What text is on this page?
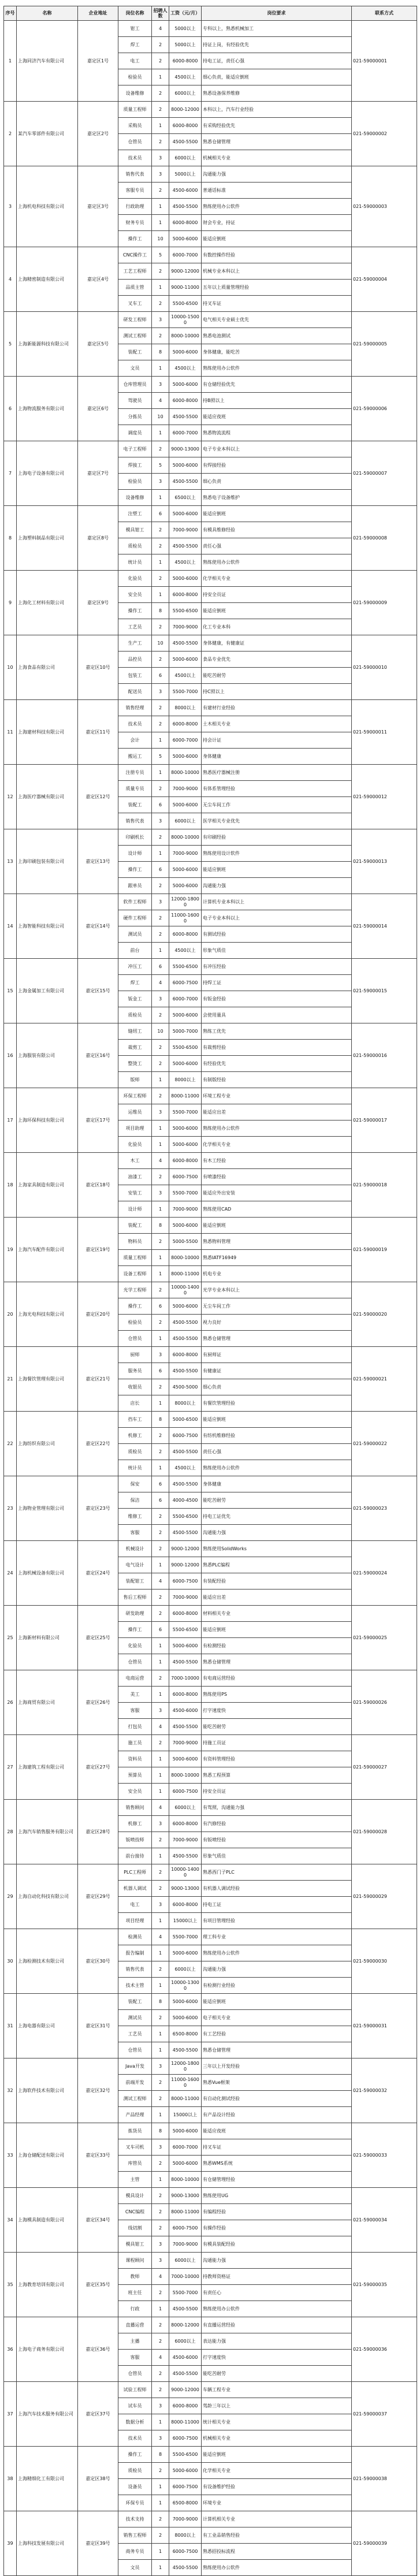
序号	名称	企业地址	岗位名称	招聘人数	工资（元/月）	岗位要求	联系方式
1	上海同济汽车有限公司	嘉定区1号	钳工	4	5000以上	专科以上，熟悉机械加工	021-59000001
			焊工	2	5000以上	持证上岗，有经验优先	
			电工	2	6000-8000	持电工证，责任心强	
			检验员	1	4500以上	细心负责，能适应倒班	
			设备维修	2	6000以上	熟悉设备保养维修	
2	某汽车零部件有限公司	嘉定区2号	质量工程师	2	8000-12000	本科以上，汽车行业经验	021-59000002
			采购员	1	6000-8000	有采购经验优先	
			仓管员	2	4500-5500	熟悉仓储管理	
			技术员	3	6000以上	机械相关专业	
3	上海机电科技有限公司	嘉定区3号	销售代表	3	5000以上	沟通能力强	021-59000003
			客服专员	2	4500-6000	普通话标准	
			行政助理	1	4500-5500	熟练使用办公软件	
			财务专员	1	6000-8000	财会专业，持证	
			操作工	10	5000-6000	能适应倒班	
4	上海精密制造有限公司	嘉定区4号	CNC操作工	5	6000-7000	有数控操作经验	021-59000004
			工艺工程师	2	9000-12000	机械专业本科以上	
			品质主管	1	9000-11000	五年以上质量管理经验	
			叉车工	2	5500-6500	持叉车证	
5	上海新能源科技有限公司	嘉定区5号	研发工程师	3	10000-15000	电气相关专业硕士优先	021-59000005
			测试工程师	2	8000-10000	熟悉电池测试	
			装配工	8	5000-6000	身体健康，能吃苦	
			文员	1	4500以上	熟练使用办公软件	
6	上海物流服务有限公司	嘉定区6号	仓库管理员	3	5000-6000	有仓储经验优先	021-59000006
			驾驶员	4	6000-8000	持B照以上	
			分拣员	10	4500-5500	能适应夜班	
			调度员	1	6000-7000	熟悉物流流程	
7	上海电子设备有限公司	嘉定区7号	电子工程师	2	9000-13000	电子专业本科以上	021-59000007
			焊接工	5	5000-6000	有焊接经验	
			检验员	3	4500-5500	细心负责	
			设备维修	1	6500以上	熟悉电子设备维护	
8	上海塑料制品有限公司	嘉定区8号	注塑工	6	5000-6000	能适应倒班	021-59000008
			模具钳工	2	7000-9000	有模具维修经验	
			质检员	2	4500-5500	责任心强	
			统计员	1	4500以上	熟练使用办公软件	
9	上海化工材料有限公司	嘉定区9号	化验员	2	5000-6000	化学相关专业	021-59000009
			安全员	1	6000-8000	持安全员证	
			操作工	8	5500-6500	能适应倒班	
			工艺员	2	7000-9000	化工专业本科	
10	上海食品有限公司	嘉定区10号	生产工	10	4500-5500	身体健康，有健康证	021-59000010
			品控员	2	5000-6000	食品专业优先	
			包装工	6	4500以上	能吃苦耐劳	
			配送员	3	5500-7000	持C照以上	
11	上海建材科技有限公司	嘉定区11号	销售经理	2	8000以上	有建材行业经验	021-59000011
			技术员	2	6000-8000	土木相关专业	
			会计	1	6000-7000	持会计证	
			搬运工	5	5000-6000	身体健康	
12	上海医疗器械有限公司	嘉定区12号	注册专员	1	8000-10000	熟悉医疗器械注册	021-59000012
			质量专员	2	7000-9000	有体系管理经验	
			装配工	6	5000-6000	无尘车间工作	
			销售代表	3	6000以上	医学相关专业优先	
13	上海印刷包装有限公司	嘉定区13号	印刷机长	2	8000-10000	有印刷经验	021-59000013
			设计师	1	7000-9000	熟练使用设计软件	
			操作工	6	5000-6000	能适应倒班	
			跟单员	2	5000-6000	沟通能力强	
14	上海智能科技有限公司	嘉定区14号	软件工程师	3	12000-18000	计算机专业本科以上	021-59000014
			硬件工程师	2	11000-16000	电子专业本科以上	
			测试员	2	6000-8000	有测试经验	
			前台	1	4500以上	形象气质佳	
15	上海金属加工有限公司	嘉定区15号	冲压工	6	5500-6500	有冲压经验	021-59000015
			焊工	4	6000-7500	持焊工证	
			钣金工	3	6000-7000	有钣金经验	
			质检员	2	5000-6000	会使用量具	
16	上海服装有限公司	嘉定区16号	缝纫工	10	5000-7000	熟练工优先	021-59000016
			裁剪工	2	5500-6500	有裁剪经验	
			整烫工	2	5000-6000	有经验优先	
			版师	1	8000以上	有制版经验	
17	上海环保科技有限公司	嘉定区17号	环保工程师	2	8000-11000	环境工程专业	021-59000017
			运维员	3	5500-7000	能适应出差	
			项目助理	1	5000-6000	熟练使用办公软件	
			化验员	1	5000-6000	化学相关专业	
18	上海家具制造有限公司	嘉定区18号	木工	4	6000-8000	有木工经验	021-59000018
			油漆工	2	6000-7500	有喷漆经验	
			安装工	3	5500-7000	能适应外出安装	
			设计师	1	7000-9000	熟练使用CAD	
19	上海汽车配件有限公司	嘉定区19号	装配工	8	5000-6000	能适应倒班	021-59000019
			物料员	2	5000-5500	熟悉物料管理	
			质量工程师	1	8000-10000	熟悉IATF16949	
			设备工程师	1	8000-11000	机电专业	
20	上海光电科技有限公司	嘉定区20号	光学工程师	2	10000-14000	光学专业本科以上	021-59000020
			操作工	6	5000-6000	无尘车间工作	
			检验员	2	4500-5500	视力良好	
			仓管员	1	4500-5500	熟悉仓储管理	
21	上海餐饮管理有限公司	嘉定区21号	厨师	3	6000-8000	有厨师证	021-59000021
			服务员	6	4500-5500	有健康证	
			收银员	2	4500-5000	细心负责	
			店长	1	8000以上	有餐饮管理经验	
22	上海纺织有限公司	嘉定区22号	挡车工	8	5000-6500	能适应倒班	021-59000022
			机修工	2	6000-7500	有纺机维修经验	
			质检员	2	4500-5500	责任心强	
			统计员	1	4500以上	熟练使用办公软件	
23	上海物业管理有限公司	嘉定区23号	保安	6	4500-5500	身体健康	021-59000023
			保洁	6	4000-4500	能吃苦耐劳	
			维修工	2	5500-6500	持电工证优先	
			客服	2	4500-5500	沟通能力强	
24	上海机械设备有限公司	嘉定区24号	机械设计	2	9000-12000	熟练使用SolidWorks	021-59000024
			电气设计	1	9000-12000	熟悉PLC编程	
			装配钳工	4	6000-7500	有装配经验	
			售后工程师	2	7000-9000	能适应出差	
25	上海新材料有限公司	嘉定区25号	研发助理	2	6000-8000	材料相关专业	021-59000025
			操作工	6	5500-6500	能适应倒班	
			化验员	1	5000-6000	有检测经验	
			仓管员	1	4500-5500	熟悉仓储管理	
26	上海商贸有限公司	嘉定区26号	电商运营	2	7000-10000	有电商运营经验	021-59000026
			美工	1	6000-8000	熟练使用PS	
			客服	3	4500-6000	打字速度快	
			打包员	4	4500-5500	能吃苦耐劳	
27	上海建筑工程有限公司	嘉定区27号	施工员	2	7000-9000	持施工员证	021-59000027
			资料员	1	5000-6000	有资料管理经验	
			预算员	1	8000-10000	熟悉工程预算	
			安全员	1	6000-7500	持安全员证	
28	上海汽车销售服务有限公司	嘉定区28号	销售顾问	4	6000以上	有驾照，沟通能力强	021-59000028
			机修工	3	6000-8000	有汽修经验	
			钣喷技师	2	7000-9000	有钣喷经验	
			前台接待	1	4500-5500	形象气质佳	
29	上海自动化科技有限公司	嘉定区29号	PLC工程师	2	10000-14000	熟悉西门子PLC	021-59000029
			机器人调试	2	9000-13000	有机器人调试经验	
			电工	3	6000-8000	持电工证	
			项目经理	1	15000以上	有项目管理经验	
30	上海检测技术有限公司	嘉定区30号	检测员	4	5500-7000	理工科专业	021-59000030
			报告编制	1	5000-6000	熟练使用办公软件	
			销售代表	2	6000以上	沟通能力强	
			技术主管	1	10000-13000	有检测行业经验	
31	上海电器有限公司	嘉定区31号	装配工	8	5000-6000	能适应倒班	021-59000031
			测试员	2	5000-6000	电子相关专业	
			工艺员	1	6500-8000	有工艺经验	
			仓管员	1	4500-5500	熟悉仓储管理	
32	上海软件技术有限公司	嘉定区32号	Java开发	3	12000-18000	三年以上开发经验	021-59000032
			前端开发	2	11000-16000	熟悉Vue框架	
			测试工程师	2	8000-11000	有自动化测试经验	
			产品经理	1	15000以上	有产品设计经验	
33	上海仓储配送有限公司	嘉定区33号	拣货员	8	5000-6000	能适应夜班	021-59000033
			叉车司机	3	6000-7000	持叉车证	
			库管员	2	5000-6000	熟悉WMS系统	
			主管	1	8000-10000	有仓储管理经验	
34	上海模具制造有限公司	嘉定区34号	模具设计	2	9000-13000	熟练使用UG	021-59000034
			CNC编程	2	8000-11000	有编程经验	
			线切割	2	6000-7500	有操作经验	
			模具钳工	3	7000-9000	有模具装配经验	
35	上海教育培训有限公司	嘉定区35号	课程顾问	3	6000以上	沟通能力强	021-59000035
			教师	4	7000-10000	持教师资格证	
			班主任	2	5500-7000	有责任心	
			行政	1	4500-5500	熟练使用办公软件	
36	上海电子商务有限公司	嘉定区36号	直播运营	2	8000-12000	有直播运营经验	021-59000036
			主播	2	6000以上	表达能力强	
			客服	4	4500-6000	打字速度快	
			仓管员	2	4500-5500	能吃苦耐劳	
37	上海汽车技术服务有限公司	嘉定区37号	试验工程师	2	9000-12000	车辆工程专业	021-59000037
			试车员	3	6000-8000	驾龄三年以上	
			数据分析	1	8000-11000	统计相关专业	
			技术员	3	6000-7500	机械相关专业	
38	上海精细化工有限公司	嘉定区38号	操作工	8	5500-6500	能适应倒班	021-59000038
			质检员	2	5000-6000	化学相关专业	
			设备员	1	6000-7500	有设备维护经验	
			环保专员	1	6500-8000	环境专业	
39	上海科技发展有限公司	嘉定区39号	技术支持	2	7000-9000	计算机相关专业	021-59000039
			销售工程师	2	8000以上	有工业品销售经验	
			商务专员	1	6000-7500	熟悉招投标流程	
			文员	1	4500-5500	熟练使用办公软件	
